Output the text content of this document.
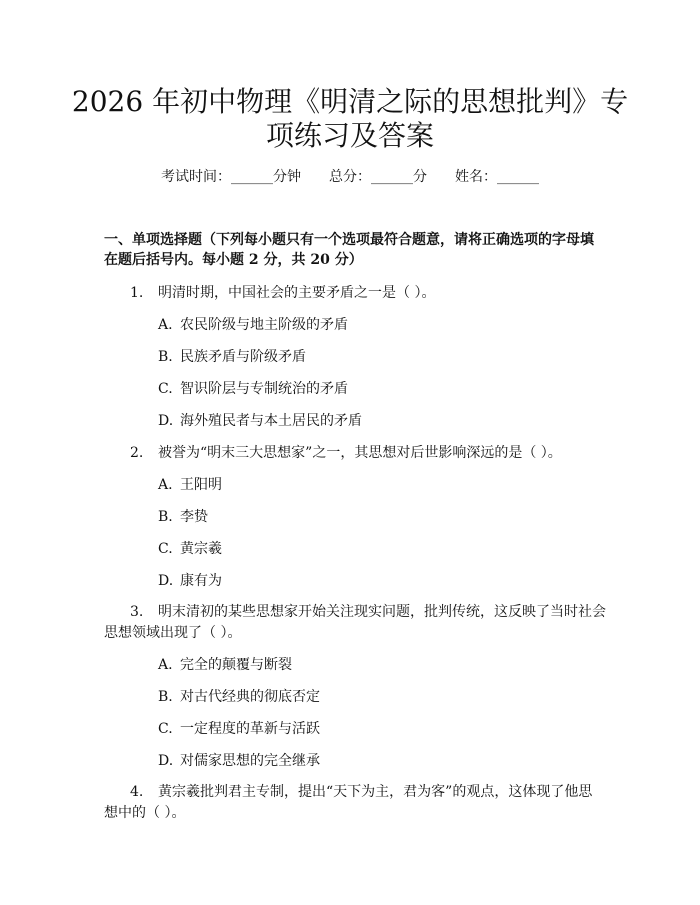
2026 年初中物理《明清之际的思想批判》专
项练习及答案
考试时间：______分钟 总分：______分 姓名：______
一、单项选择题（下列每小题只有一个选项最符合题意，请将正确选项的字母填
在题后括号内。每小题 2 分，共 20 分）
1. 明清时期，中国社会的主要矛盾之一是（ ）。
A. 农民阶级与地主阶级的矛盾
B. 民族矛盾与阶级矛盾
C. 智识阶层与专制统治的矛盾
D. 海外殖民者与本土居民的矛盾
2. 被誉为“明末三大思想家”之一，其思想对后世影响深远的是（ ）。
A. 王阳明
B. 李贽
C. 黄宗羲
D. 康有为
3. 明末清初的某些思想家开始关注现实问题，批判传统，这反映了当时社会
思想领域出现了（ ）。
A. 完全的颠覆与断裂
B. 对古代经典的彻底否定
C. 一定程度的革新与活跃
D. 对儒家思想的完全继承
4. 黄宗羲批判君主专制，提出“天下为主，君为客”的观点，这体现了他思
想中的（ ）。
